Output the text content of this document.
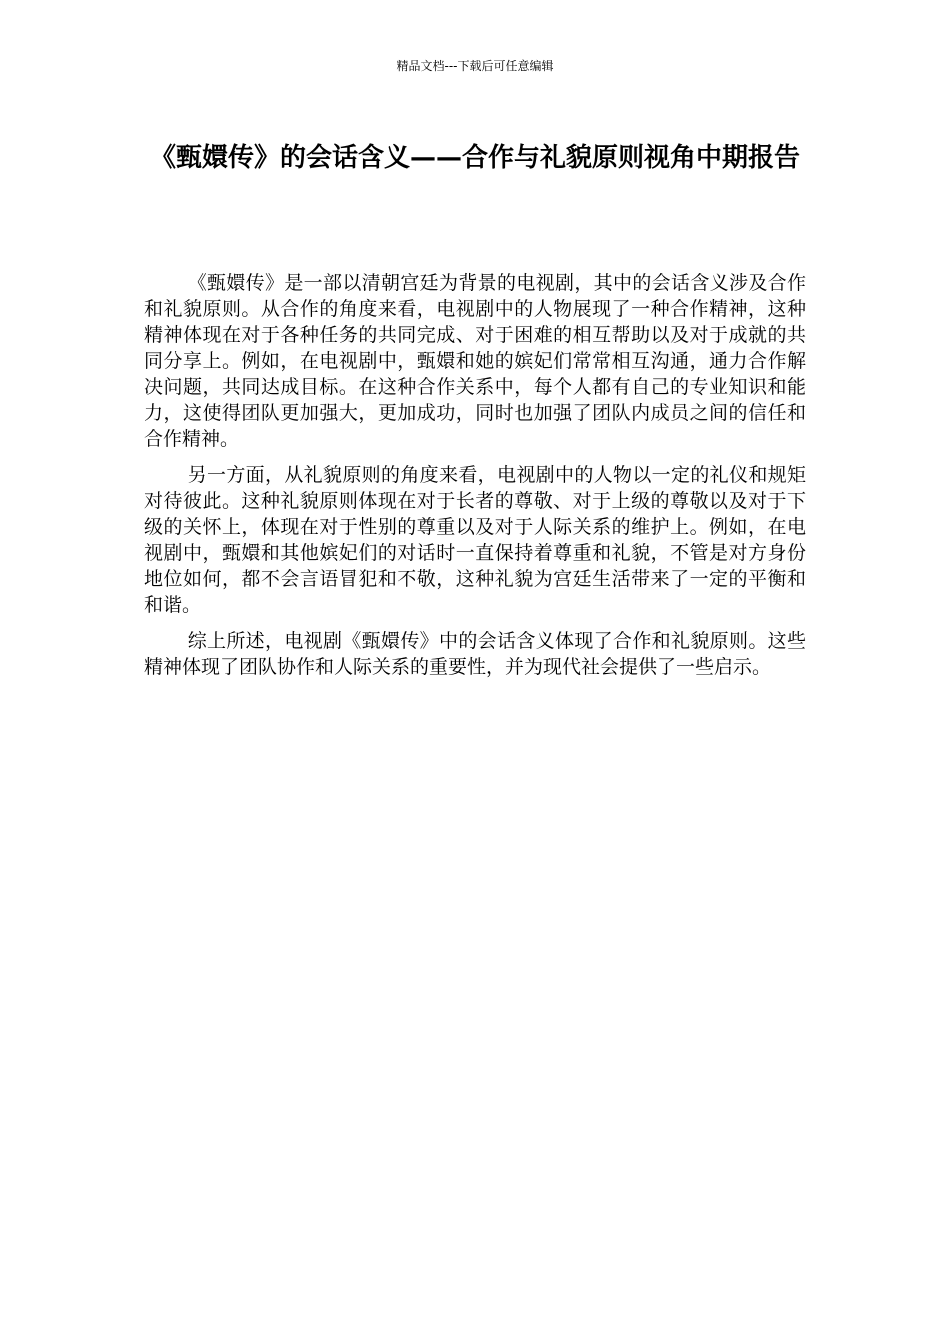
精品文档---下载后可任意编辑
《甄嬛传》的会话含义——合作与礼貌原则视角中期报告

《甄嬛传》是一部以清朝宫廷为背景的电视剧，其中的会话含义涉及合作和礼貌原则。从合作的角度来看，电视剧中的人物展现了一种合作精神，这种精神体现在对于各种任务的共同完成、对于困难的相互帮助以及对于成就的共同分享上。例如，在电视剧中，甄嬛和她的嫔妃们常常相互沟通，通力合作解决问题，共同达成目标。在这种合作关系中，每个人都有自己的专业知识和能力，这使得团队更加强大，更加成功，同时也加强了团队内成员之间的信任和合作精神。

另一方面，从礼貌原则的角度来看，电视剧中的人物以一定的礼仪和规矩对待彼此。这种礼貌原则体现在对于长者的尊敬、对于上级的尊敬以及对于下级的关怀上，体现在对于性别的尊重以及对于人际关系的维护上。例如，在电视剧中，甄嬛和其他嫔妃们的对话时一直保持着尊重和礼貌，不管是对方身份地位如何，都不会言语冒犯和不敬，这种礼貌为宫廷生活带来了一定的平衡和和谐。

综上所述，电视剧《甄嬛传》中的会话含义体现了合作和礼貌原则。这些精神体现了团队协作和人际关系的重要性，并为现代社会提供了一些启示。
